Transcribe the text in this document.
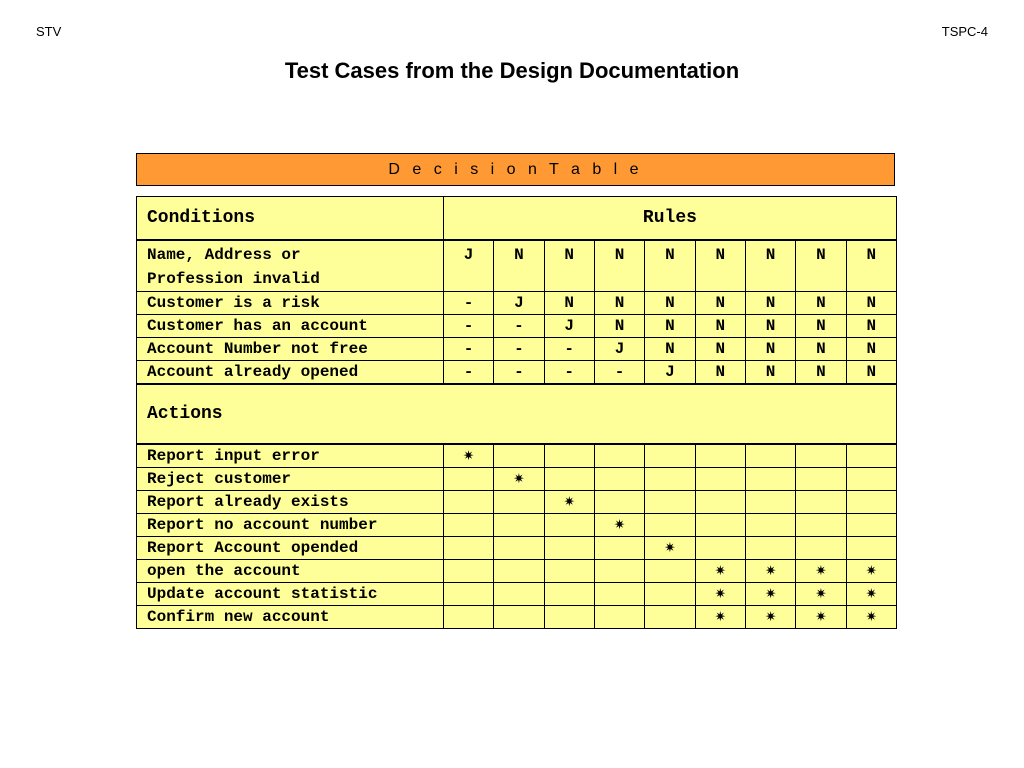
STV	TSPC-4
Test Cases from the Design Documentation
D e c i s i o n T a b l e
Conditions	Rules								

Name, Address or
Profession invalid	J	N	N	N	N	N	N	N	N
Customer is a risk	-	J	N	N	N	N	N	N	N
Customer has an account	-	-	J	N	N	N	N	N	N
Account Number not free	-	-	-	J	N	N	N	N	N
Account already opened	-	-	-	-	J	N	N	N	N
Actions									
Report input error	✷								
Reject customer		✷							
Report already exists			✷						
Report no account number				✷					
Report Account opended					✷				
open the account						✷	✷	✷	✷
Update account statistic						✷	✷	✷	✷
Confirm new account						✷	✷	✷	✷
